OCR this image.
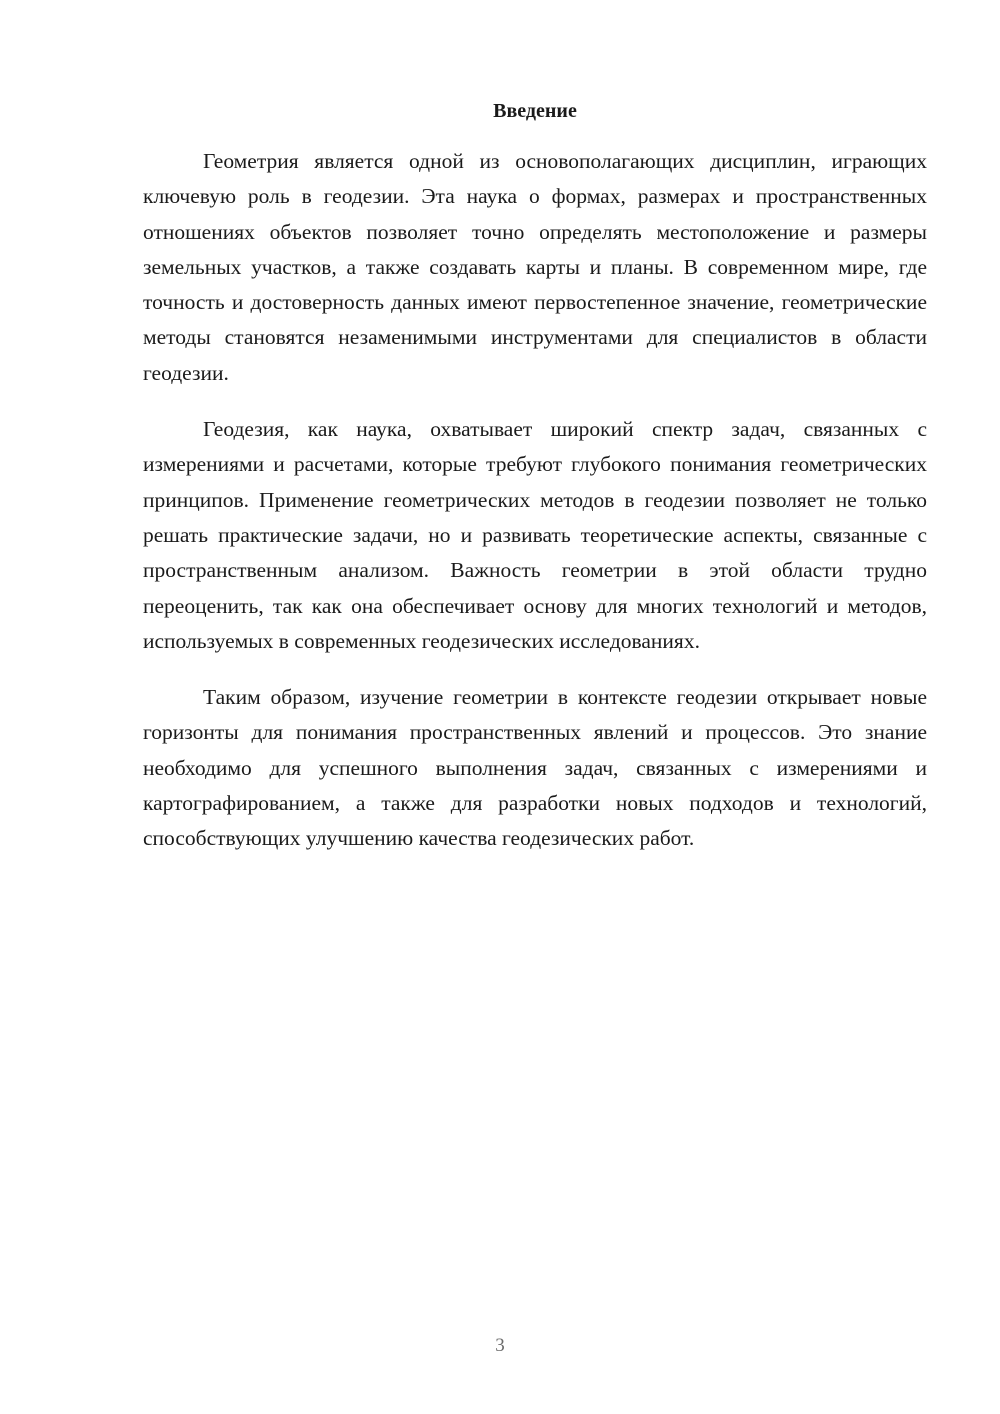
Введение

Геометрия является одной из основополагающих дисциплин, играющих ключевую роль в геодезии. Эта наука о формах, размерах и пространственных отношениях объектов позволяет точно определять местоположение и размеры земельных участков, а также создавать карты и планы. В современном мире, где точность и достоверность данных имеют первостепенное значение, геометрические методы становятся незаменимыми инструментами для специалистов в области геодезии.

Геодезия, как наука, охватывает широкий спектр задач, связанных с измерениями и расчетами, которые требуют глубокого понимания геометрических принципов. Применение геометрических методов в геодезии позволяет не только решать практические задачи, но и развивать теоретические аспекты, связанные с пространственным анализом. Важность геометрии в этой области трудно переоценить, так как она обеспечивает основу для многих технологий и методов, используемых в современных геодезических исследованиях.

Таким образом, изучение геометрии в контексте геодезии открывает новые горизонты для понимания пространственных явлений и процессов. Это знание необходимо для успешного выполнения задач, связанных с измерениями и картографированием, а также для разработки новых подходов и технологий, способствующих улучшению качества геодезических работ.

3
